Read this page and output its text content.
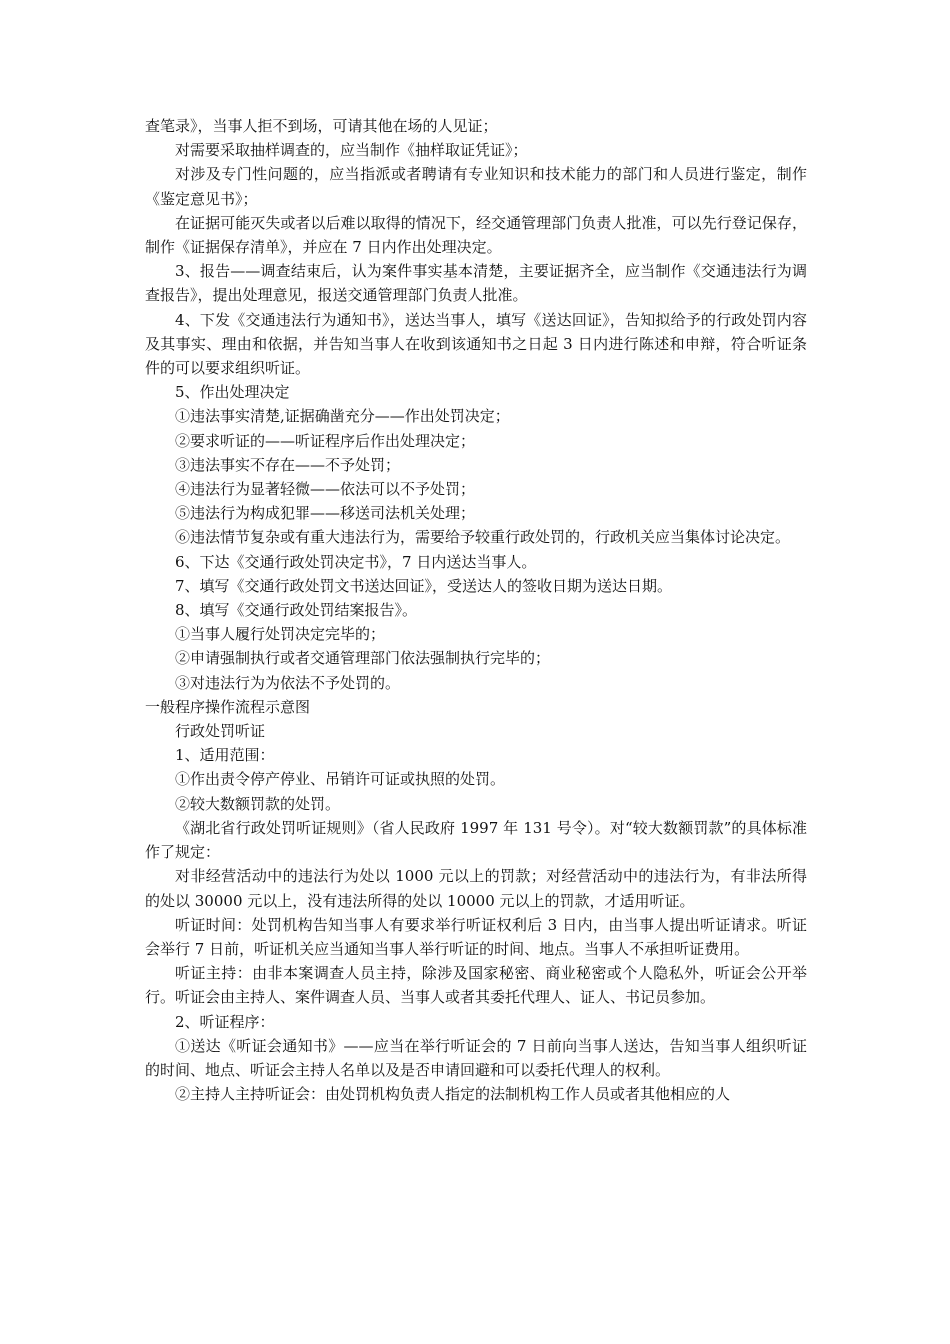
查笔录》，当事人拒不到场，可请其他在场的人见证；

对需要采取抽样调查的，应当制作《抽样取证凭证》；

对涉及专门性问题的，应当指派或者聘请有专业知识和技术能力的部门和人员进行鉴定，制作《鉴定意见书》；

在证据可能灭失或者以后难以取得的情况下，经交通管理部门负责人批准，可以先行登记保存，制作《证据保存清单》，并应在 7 日内作出处理决定。

3、报告——调查结束后，认为案件事实基本清楚，主要证据齐全，应当制作《交通违法行为调查报告》，提出处理意见，报送交通管理部门负责人批准。

4、下发《交通违法行为通知书》，送达当事人，填写《送达回证》，告知拟给予的行政处罚内容及其事实、理由和依据，并告知当事人在收到该通知书之日起 3 日内进行陈述和申辩，符合听证条件的可以要求组织听证。

5、作出处理决定

①违法事实清楚,证据确凿充分——作出处罚决定；

②要求听证的——听证程序后作出处理决定；

③违法事实不存在——不予处罚；

④违法行为显著轻微——依法可以不予处罚；

⑤违法行为构成犯罪——移送司法机关处理；

⑥违法情节复杂或有重大违法行为，需要给予较重行政处罚的，行政机关应当集体讨论决定。

6、下达《交通行政处罚决定书》，7 日内送达当事人。

7、填写《交通行政处罚文书送达回证》，受送达人的签收日期为送达日期。

8、填写《交通行政处罚结案报告》。

①当事人履行处罚决定完毕的；

②申请强制执行或者交通管理部门依法强制执行完毕的；

③对违法行为为依法不予处罚的。

一般程序操作流程示意图

行政处罚听证

1、适用范围：

①作出责令停产停业、吊销许可证或执照的处罚。

②较大数额罚款的处罚。

《湖北省行政处罚听证规则》（省人民政府 1997 年 131 号令）。对“较大数额罚款”的具体标准作了规定：

对非经营活动中的违法行为处以 1000 元以上的罚款；对经营活动中的违法行为，有非法所得的处以 30000 元以上，没有违法所得的处以 10000 元以上的罚款，才适用听证。

听证时间：处罚机构告知当事人有要求举行听证权利后 3 日内，由当事人提出听证请求。听证会举行 7 日前，听证机关应当通知当事人举行听证的时间、地点。当事人不承担听证费用。

听证主持：由非本案调查人员主持，除涉及国家秘密、商业秘密或个人隐私外，听证会公开举行。听证会由主持人、案件调查人员、当事人或者其委托代理人、证人、书记员参加。

2、听证程序：

①送达《听证会通知书》——应当在举行听证会的 7 日前向当事人送达，告知当事人组织听证的时间、地点、听证会主持人名单以及是否申请回避和可以委托代理人的权利。

②主持人主持听证会：由处罚机构负责人指定的法制机构工作人员或者其他相应的人
